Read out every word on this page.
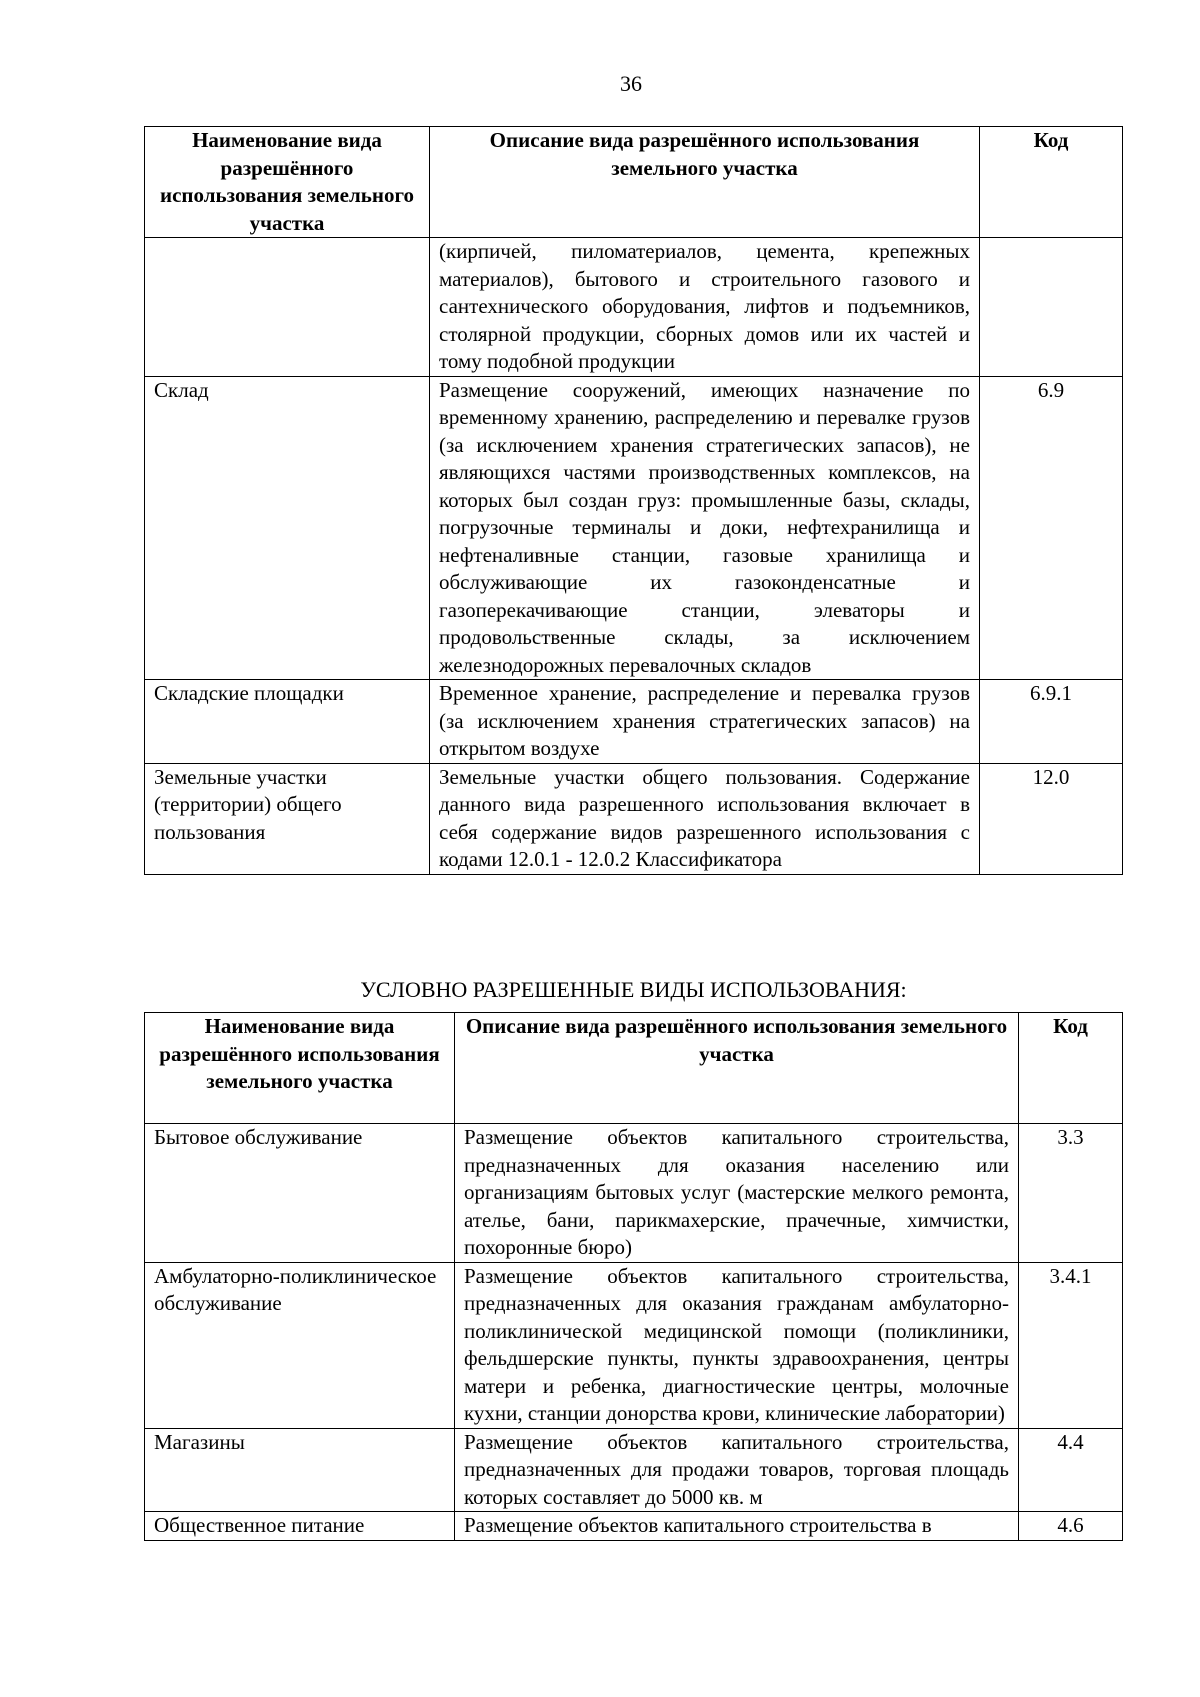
36
Наименование вида разрешённого использования земельного участка	Описание вида разрешённого использования земельного участка	Код
	(кирпичей, пиломатериалов, цемента, крепежных материалов), бытового и строительного газового и сантехнического оборудования, лифтов и подъемников, столярной продукции, сборных домов или их частей и тому подобной продукции	
Склад	Размещение сооружений, имеющих назначение по временному хранению, распределению и перевалке грузов (за исключением хранения стратегических запасов), не являющихся частями производственных комплексов, на которых был создан груз: промышленные базы, склады, погрузочные терминалы и доки, нефтехранилища и нефтеналивные станции, газовые хранилища и обслуживающие их газоконденсатные и газоперекачивающие станции, элеваторы и продовольственные склады, за исключением железнодорожных перевалочных складов	6.9
Складские площадки	Временное хранение, распределение и перевалка грузов (за исключением хранения стратегических запасов) на открытом воздухе	6.9.1
Земельные участки (территории) общего пользования	Земельные участки общего пользования. Содержание данного вида разрешенного использования включает в себя содержание видов разрешенного использования с кодами 12.0.1 - 12.0.2 Классификатора	12.0
УСЛОВНО РАЗРЕШЕННЫЕ ВИДЫ ИСПОЛЬЗОВАНИЯ:
Наименование вида разрешённого использования земельного участка	Описание вида разрешённого использования земельного участка	Код
Бытовое обслуживание	Размещение объектов капитального строительства, предназначенных для оказания населению или организациям бытовых услуг (мастерские мелкого ремонта, ателье, бани, парикмахерские, прачечные, химчистки, похоронные бюро)	3.3
Амбулаторно-поликлиническое обслуживание	Размещение объектов капитального строительства, предназначенных для оказания гражданам амбулаторно-поликлинической медицинской помощи (поликлиники, фельдшерские пункты, пункты здравоохранения, центры матери и ребенка, диагностические центры, молочные кухни, станции донорства крови, клинические лаборатории)	3.4.1
Магазины	Размещение объектов капитального строительства, предназначенных для продажи товаров, торговая площадь которых составляет до 5000 кв. м	4.4
Общественное питание	Размещение объектов капитального строительства в	4.6
